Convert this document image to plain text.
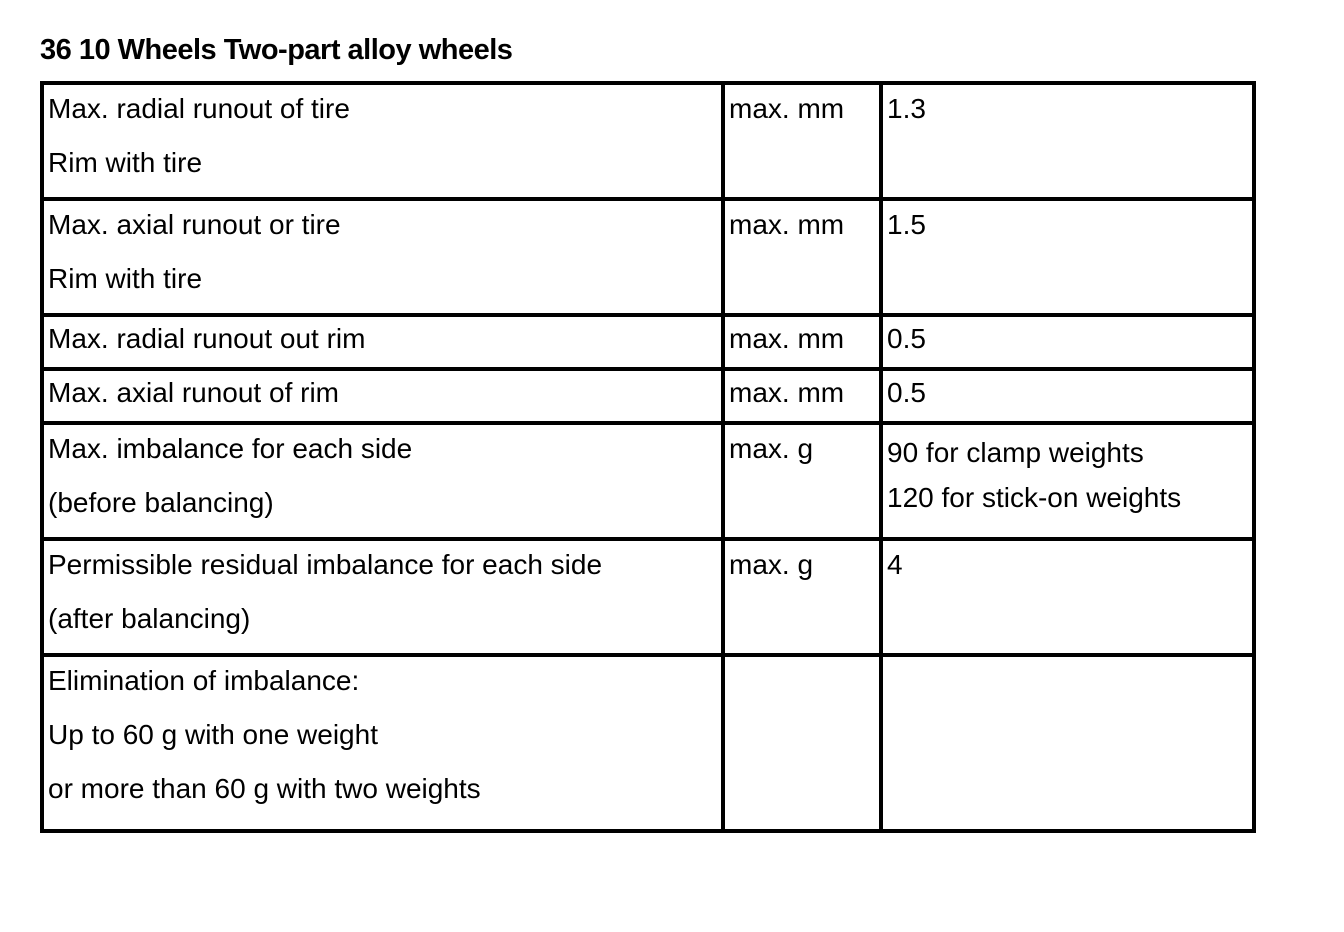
36 10 Wheels Two-part alloy wheels
Max. radial runout of tire
Rim with tire	max. mm	1.3

Max. axial runout or tire
Rim with tire	max. mm	1.5

Max. radial runout out rim	max. mm	0.5

Max. axial runout of rim	max. mm	0.5

Max. imbalance for each side
(before balancing)	max. g	90 for clamp weights
120 for stick-on weights

Permissible residual imbalance for each side
(after balancing)	max. g	4

Elimination of imbalance:
Up to 60 g with one weight
or more than 60 g with two weights		
